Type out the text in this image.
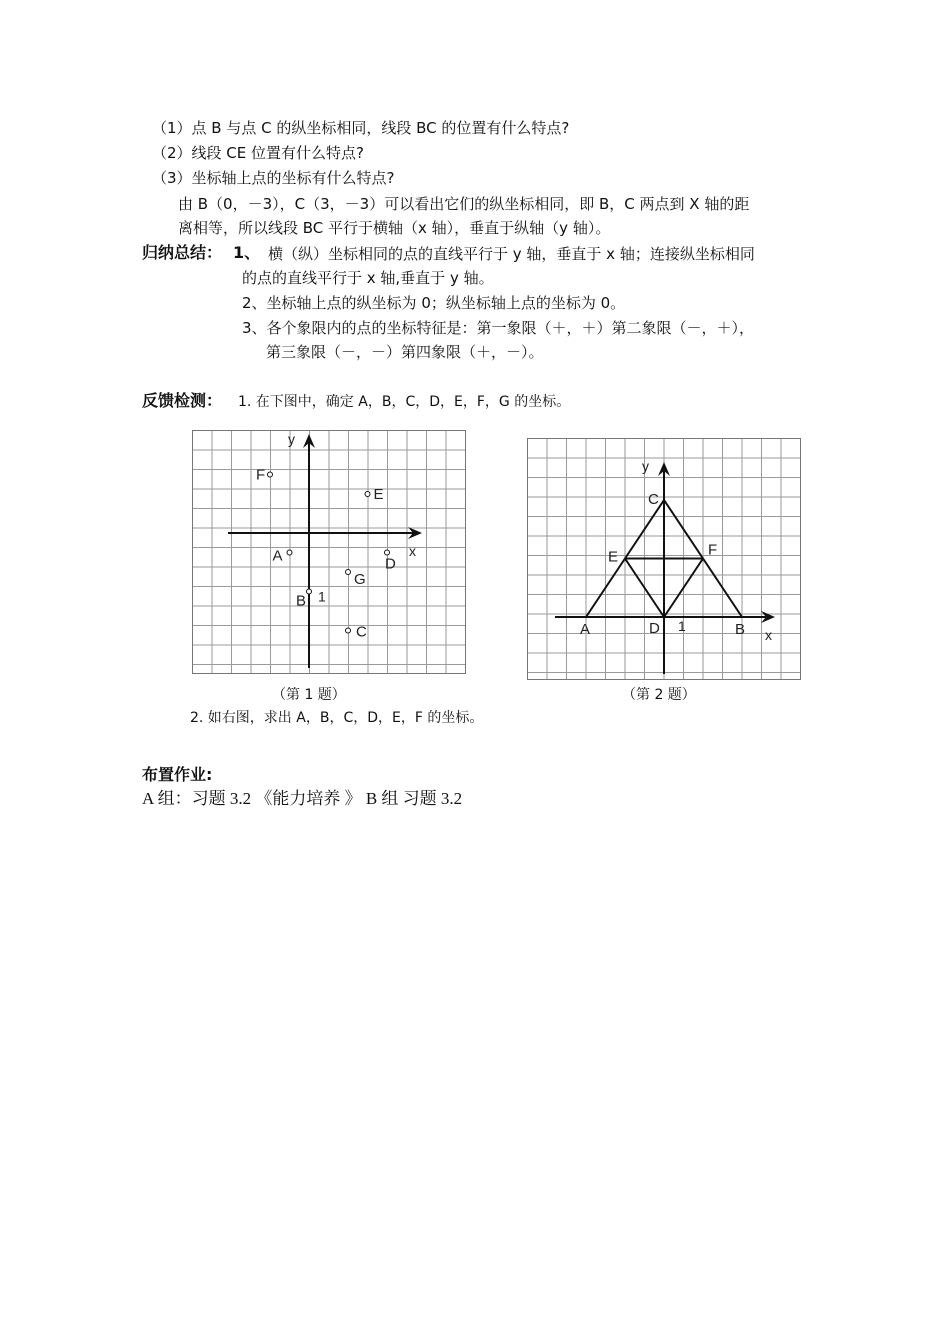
（1）点 B 与点 C 的纵坐标相同，线段 BC 的位置有什么特点?
（2）线段 CE 位置有什么特点?
（3）坐标轴上点的坐标有什么特点?
由 B（0，－3），C（3，－3）可以看出它们的纵坐标相同，即 B，C 两点到 X 轴的距
离相等，所以线段 BC 平行于横轴（x 轴），垂直于纵轴（y 轴）。
归纳总结： 1、 横（纵）坐标相同的点的直线平行于 y 轴，垂直于 x 轴；连接纵坐标相同
的点的直线平行于 x 轴,垂直于 y 轴。
2、坐标轴上点的纵坐标为 0；纵坐标轴上点的坐标为 0。
3、各个象限内的点的坐标特征是：第一象限（＋，＋）第二象限（－，＋），
第三象限（－，－）第四象限（＋，－）。
反馈检测： 1. 在下图中，确定 A，B，C，D，E，F，G 的坐标。
x
y
1
A
B
C
D
E
F
G
（第 1 题）
x
y
1
A	B
C
D
E	F
（第 2 题）
2. 如右图，求出 A，B，C，D，E，F 的坐标。
布置作业:
A 组：习题 3.2 《能力培养 》 B 组 习题 3.2
